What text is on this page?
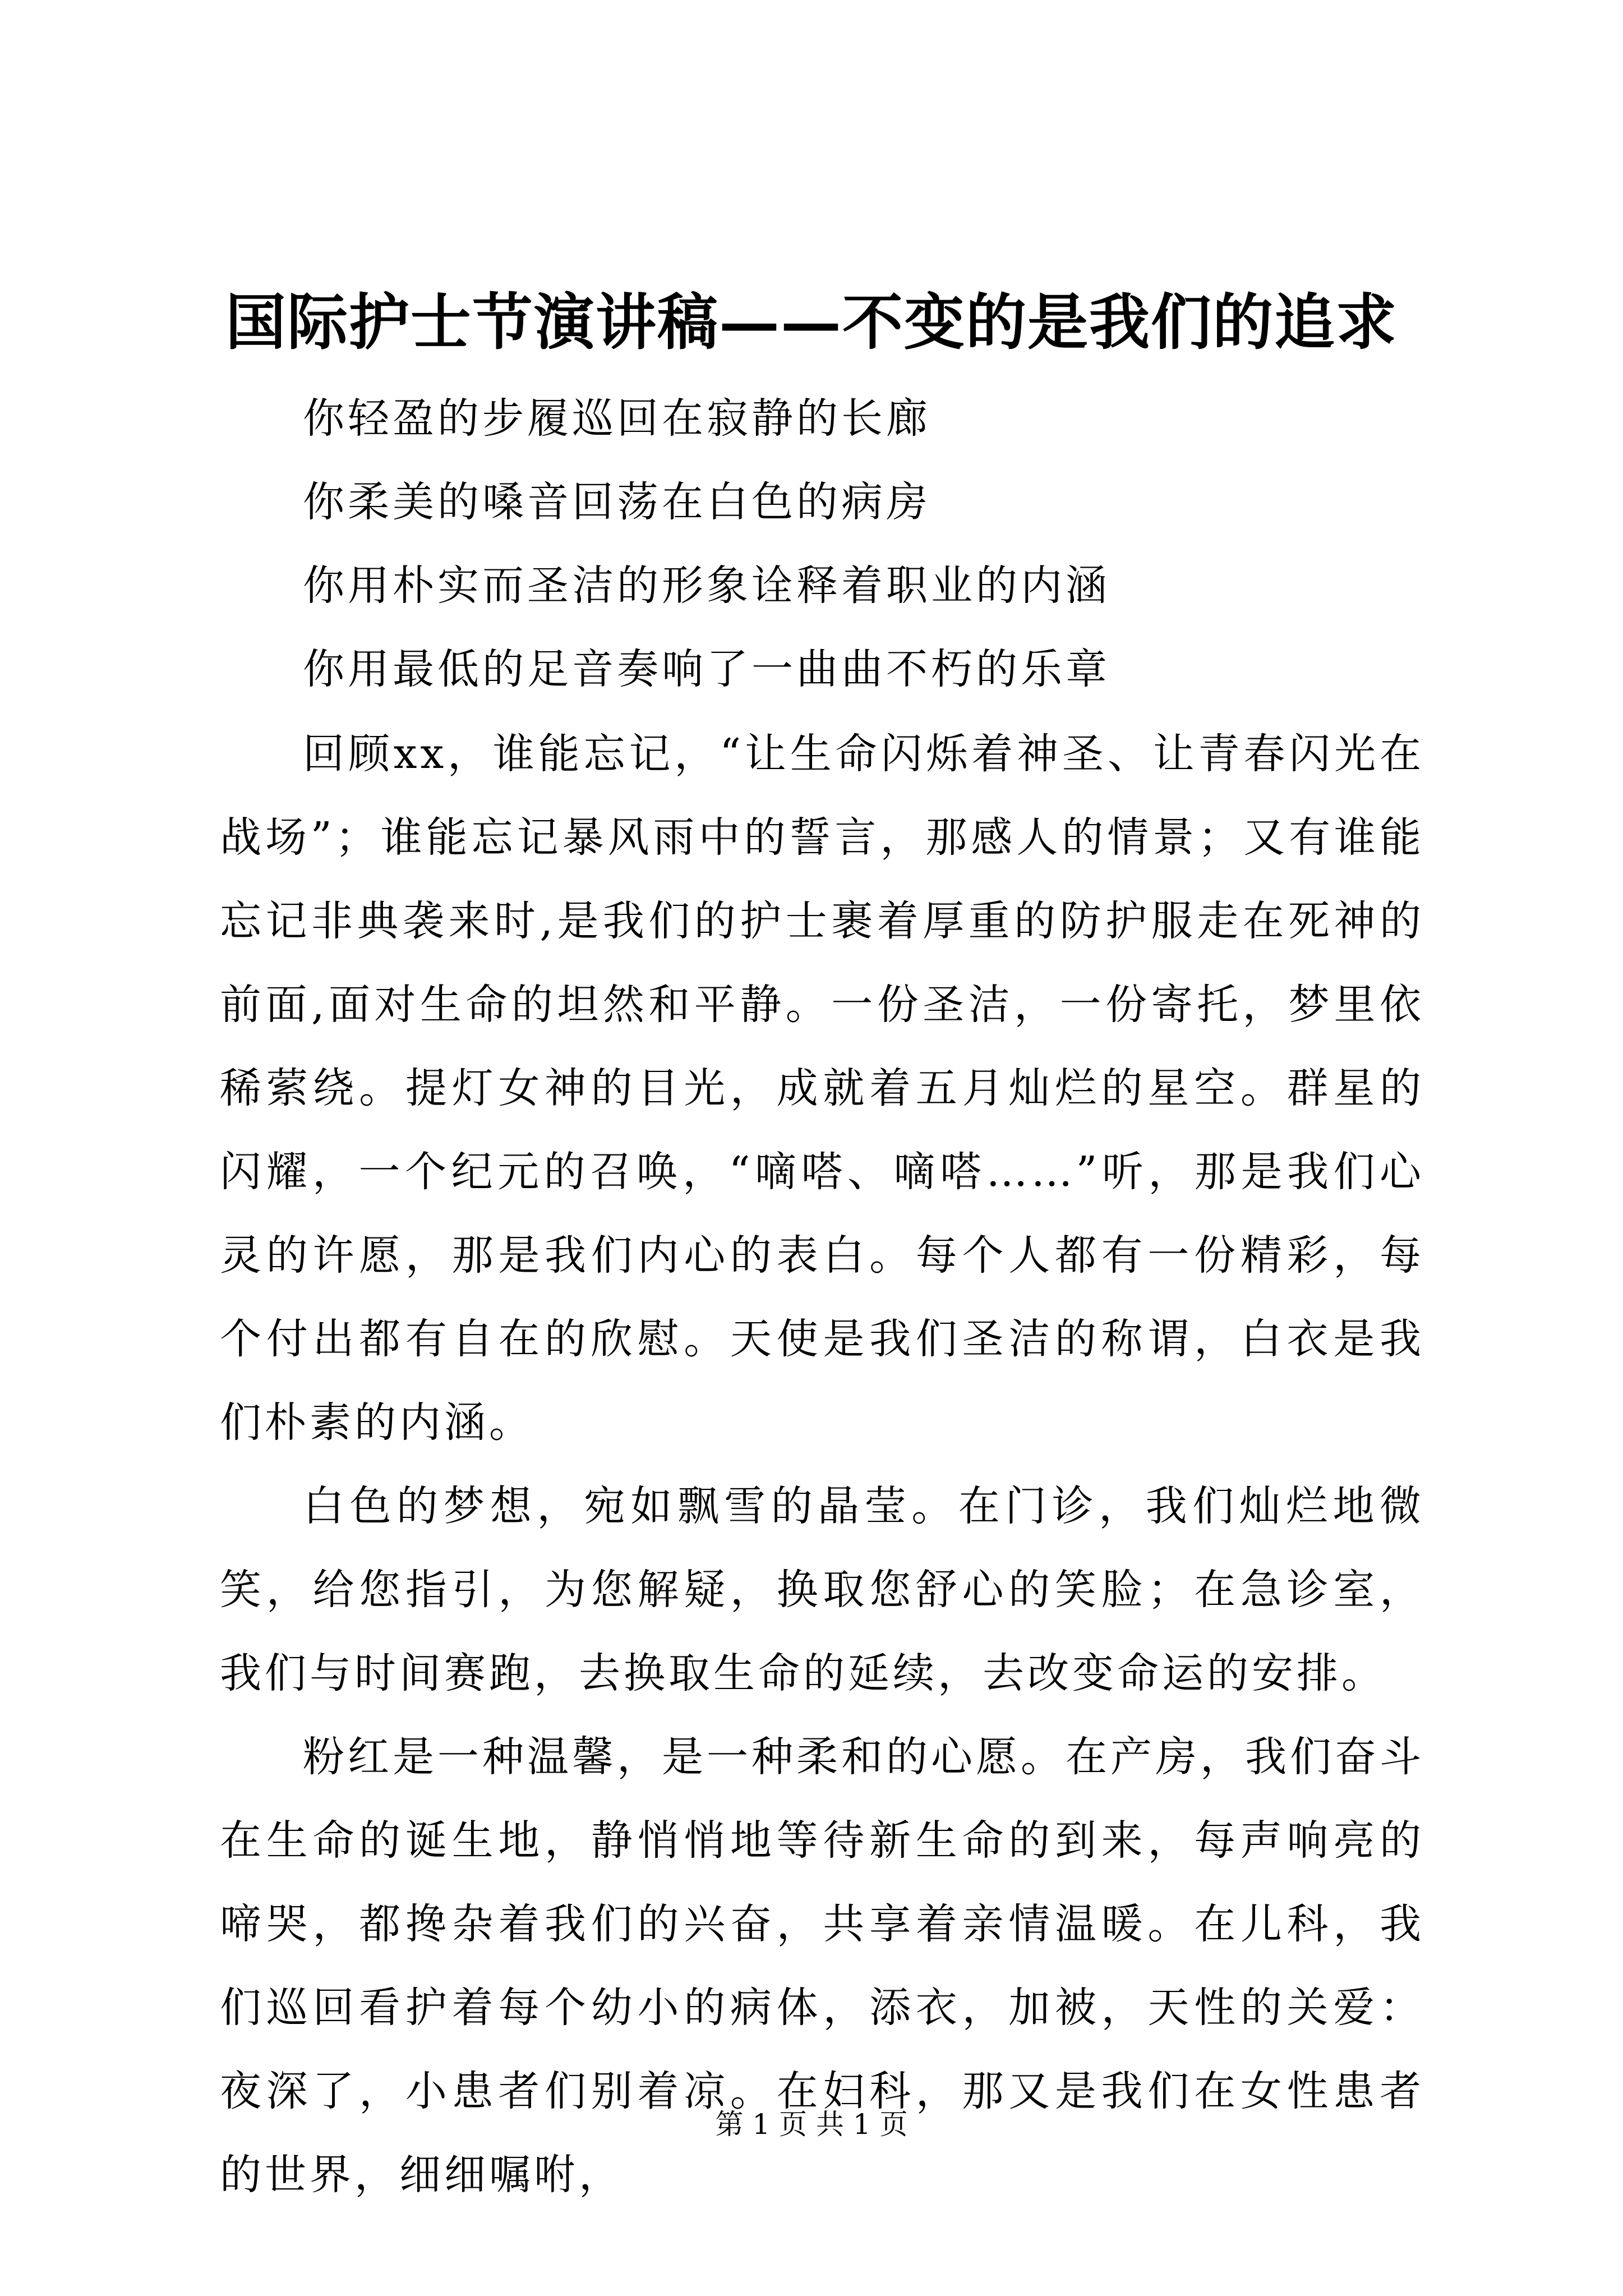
国际护士节演讲稿——不变的是我们的追求
你轻盈的步履巡回在寂静的长廊
你柔美的嗓音回荡在白色的病房
你用朴实而圣洁的形象诠释着职业的内涵
你用最低的足音奏响了一曲曲不朽的乐章

回顾xx，谁能忘记，“让生命闪烁着神圣、让青春闪光在战场”；谁能忘记暴风雨中的誓言，那感人的情景；又有谁能忘记非典袭来时,是我们的护士裹着厚重的防护服走在死神的前面,面对生命的坦然和平静。一份圣洁，一份寄托，梦里依稀萦绕。提灯女神的目光，成就着五月灿烂的星空。群星的闪耀，一个纪元的召唤，“嘀嗒、嘀嗒……”听，那是我们心灵的许愿，那是我们内心的表白。每个人都有一份精彩，每个付出都有自在的欣慰。天使是我们圣洁的称谓，白衣是我们朴素的内涵。

白色的梦想，宛如飘雪的晶莹。在门诊，我们灿烂地微笑，给您指引，为您解疑，换取您舒心的笑脸；在急诊室，我们与时间赛跑，去换取生命的延续，去改变命运的安排。

粉红是一种温馨，是一种柔和的心愿。在产房，我们奋斗在生命的诞生地，静悄悄地等待新生命的到来，每声响亮的啼哭，都搀杂着我们的兴奋，共享着亲情温暖。在儿科，我们巡回看护着每个幼小的病体，添衣，加被，天性的关爱：夜深了，小患者们别着凉。在妇科，那又是我们在女性患者的世界，细细嘱咐，

第 1 页 共 1 页
